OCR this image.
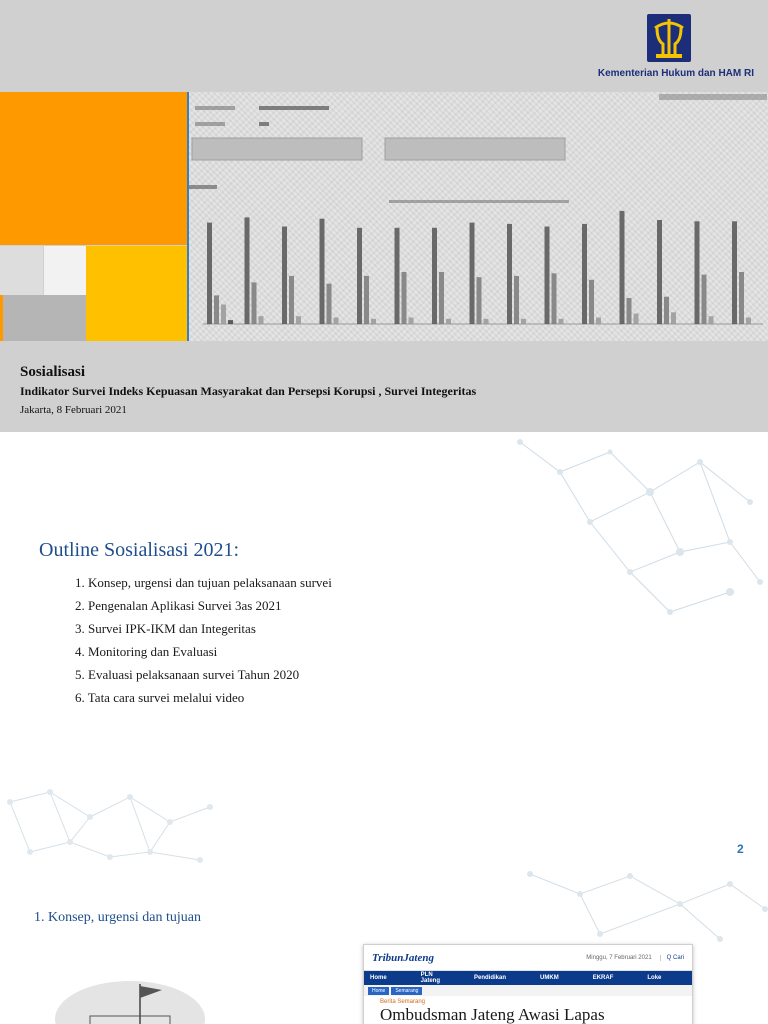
Kementerian Hukum dan HAM RI
Sosialisasi
Indikator Survei Indeks Kepuasan Masyarakat dan Persepsi Korupsi , Survei Integeritas
Jakarta, 8 Februari 2021
Outline Sosialisasi 2021:
1. Konsep, urgensi dan tujuan pelaksanaan survei
2. Pengenalan Aplikasi Survei 3as 2021
3. Survei IPK-IKM dan Integeritas
4. Monitoring dan Evaluasi
5. Evaluasi pelaksanaan survei Tahun 2020
6. Tata cara survei melalui video
2
1. Konsep, urgensi dan tujuan
TribunJateng	Minggu, 7 Februari 2021	Q Cari
Home	PLN Jateng	Pendidikan	UMKM	EKRAF	Loke
Home	Semarang
Berita Semarang
Ombudsman Jateng Awasi Lapas
